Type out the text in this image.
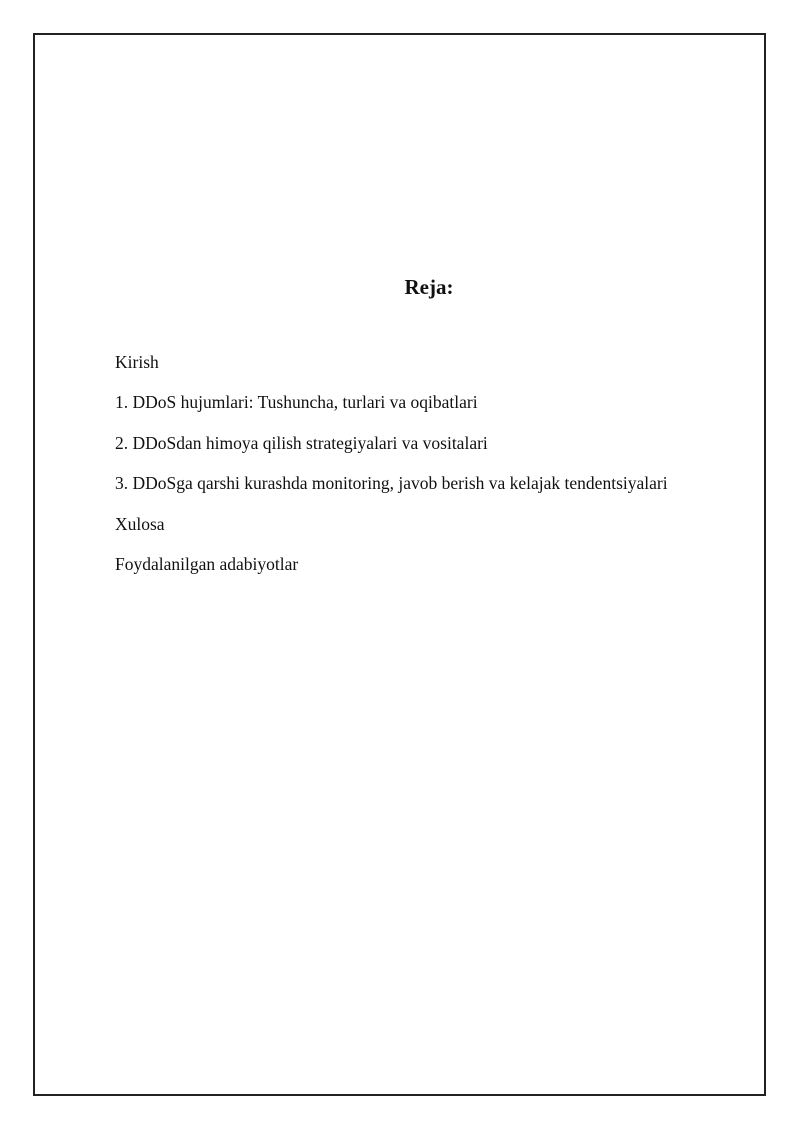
Reja:
Kirish
1. DDoS hujumlari: Tushuncha, turlari va oqibatlari
2. DDoSdan himoya qilish strategiyalari va vositalari
3. DDoSga qarshi kurashda monitoring, javob berish va kelajak tendentsiyalari
Xulosa
Foydalanilgan adabiyotlar
